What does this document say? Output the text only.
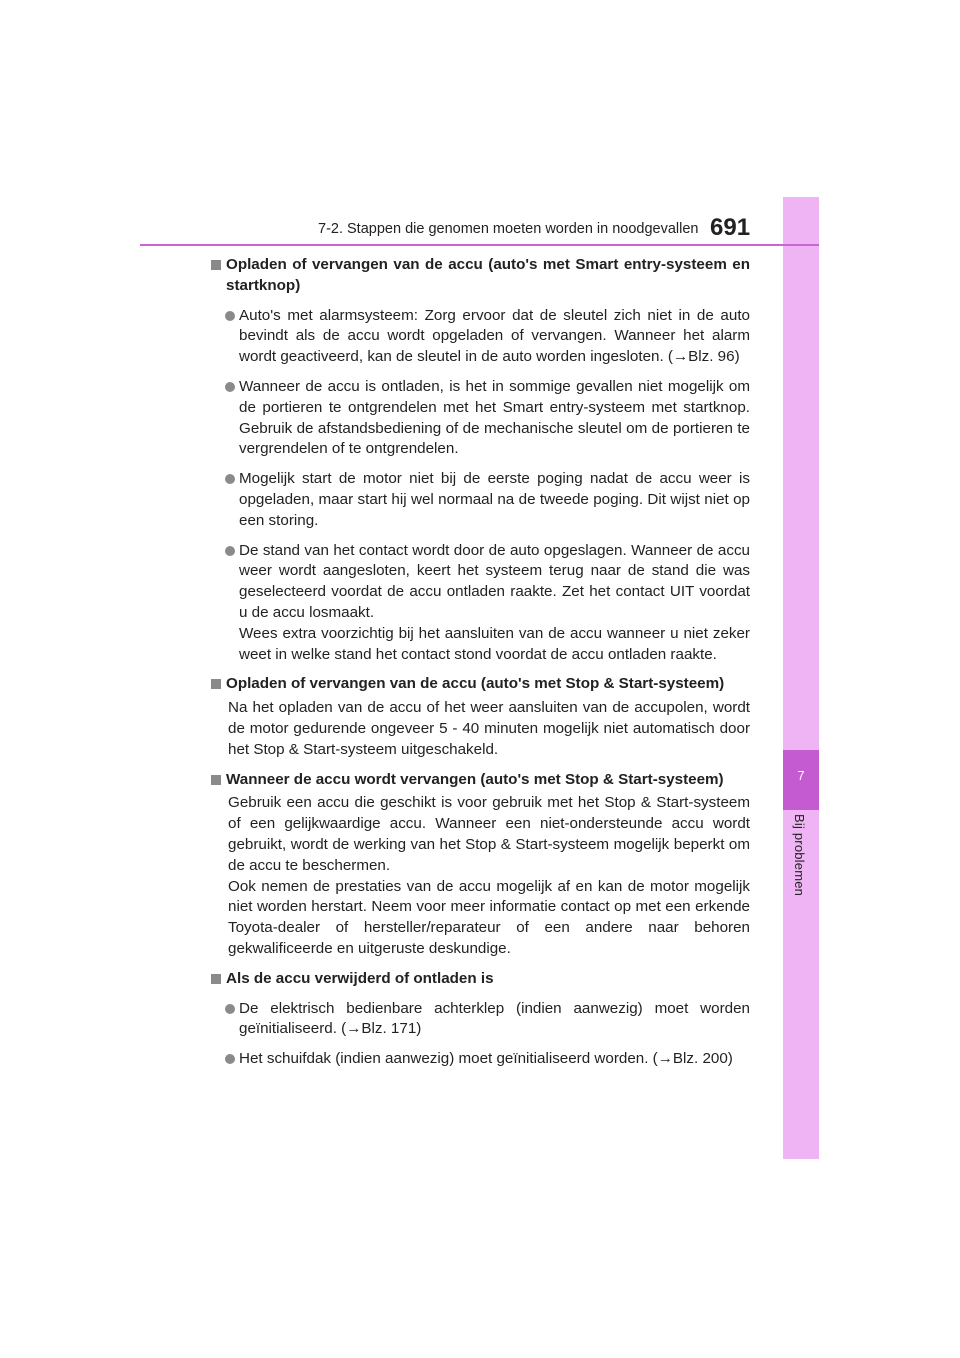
7
Bij problemen
7-2. Stappen die genomen moeten worden in noodgevallen 691
Opladen of vervangen van de accu (auto's met Smart entry-systeem en startknop)
Auto's met alarmsysteem: Zorg ervoor dat de sleutel zich niet in de auto bevindt als de accu wordt opgeladen of vervangen. Wanneer het alarm wordt geactiveerd, kan de sleutel in de auto worden ingesloten. (→Blz. 96)
Wanneer de accu is ontladen, is het in sommige gevallen niet mogelijk om de portieren te ontgrendelen met het Smart entry-systeem met startknop. Gebruik de afstandsbediening of de mechanische sleutel om de portieren te vergrendelen of te ontgrendelen.
Mogelijk start de motor niet bij de eerste poging nadat de accu weer is opgeladen, maar start hij wel normaal na de tweede poging. Dit wijst niet op een storing.
De stand van het contact wordt door de auto opgeslagen. Wanneer de accu weer wordt aangesloten, keert het systeem terug naar de stand die was geselecteerd voordat de accu ontladen raakte. Zet het contact UIT voordat u de accu losmaakt.
Wees extra voorzichtig bij het aansluiten van de accu wanneer u niet zeker weet in welke stand het contact stond voordat de accu ontladen raakte.
Opladen of vervangen van de accu (auto's met Stop & Start-systeem)
Na het opladen van de accu of het weer aansluiten van de accupolen, wordt de motor gedurende ongeveer 5 - 40 minuten mogelijk niet automatisch door het Stop & Start-systeem uitgeschakeld.
Wanneer de accu wordt vervangen (auto's met Stop & Start-systeem)
Gebruik een accu die geschikt is voor gebruik met het Stop & Start-systeem of een gelijkwaardige accu. Wanneer een niet-ondersteunde accu wordt gebruikt, wordt de werking van het Stop & Start-systeem mogelijk beperkt om de accu te beschermen.
Ook nemen de prestaties van de accu mogelijk af en kan de motor mogelijk niet worden herstart. Neem voor meer informatie contact op met een erkende Toyota-dealer of hersteller/reparateur of een andere naar behoren gekwalificeerde en uitgeruste deskundige.
Als de accu verwijderd of ontladen is
De elektrisch bedienbare achterklep (indien aanwezig) moet worden geïnitialiseerd. (→Blz. 171)
Het schuifdak (indien aanwezig) moet geïnitialiseerd worden. (→Blz. 200)
